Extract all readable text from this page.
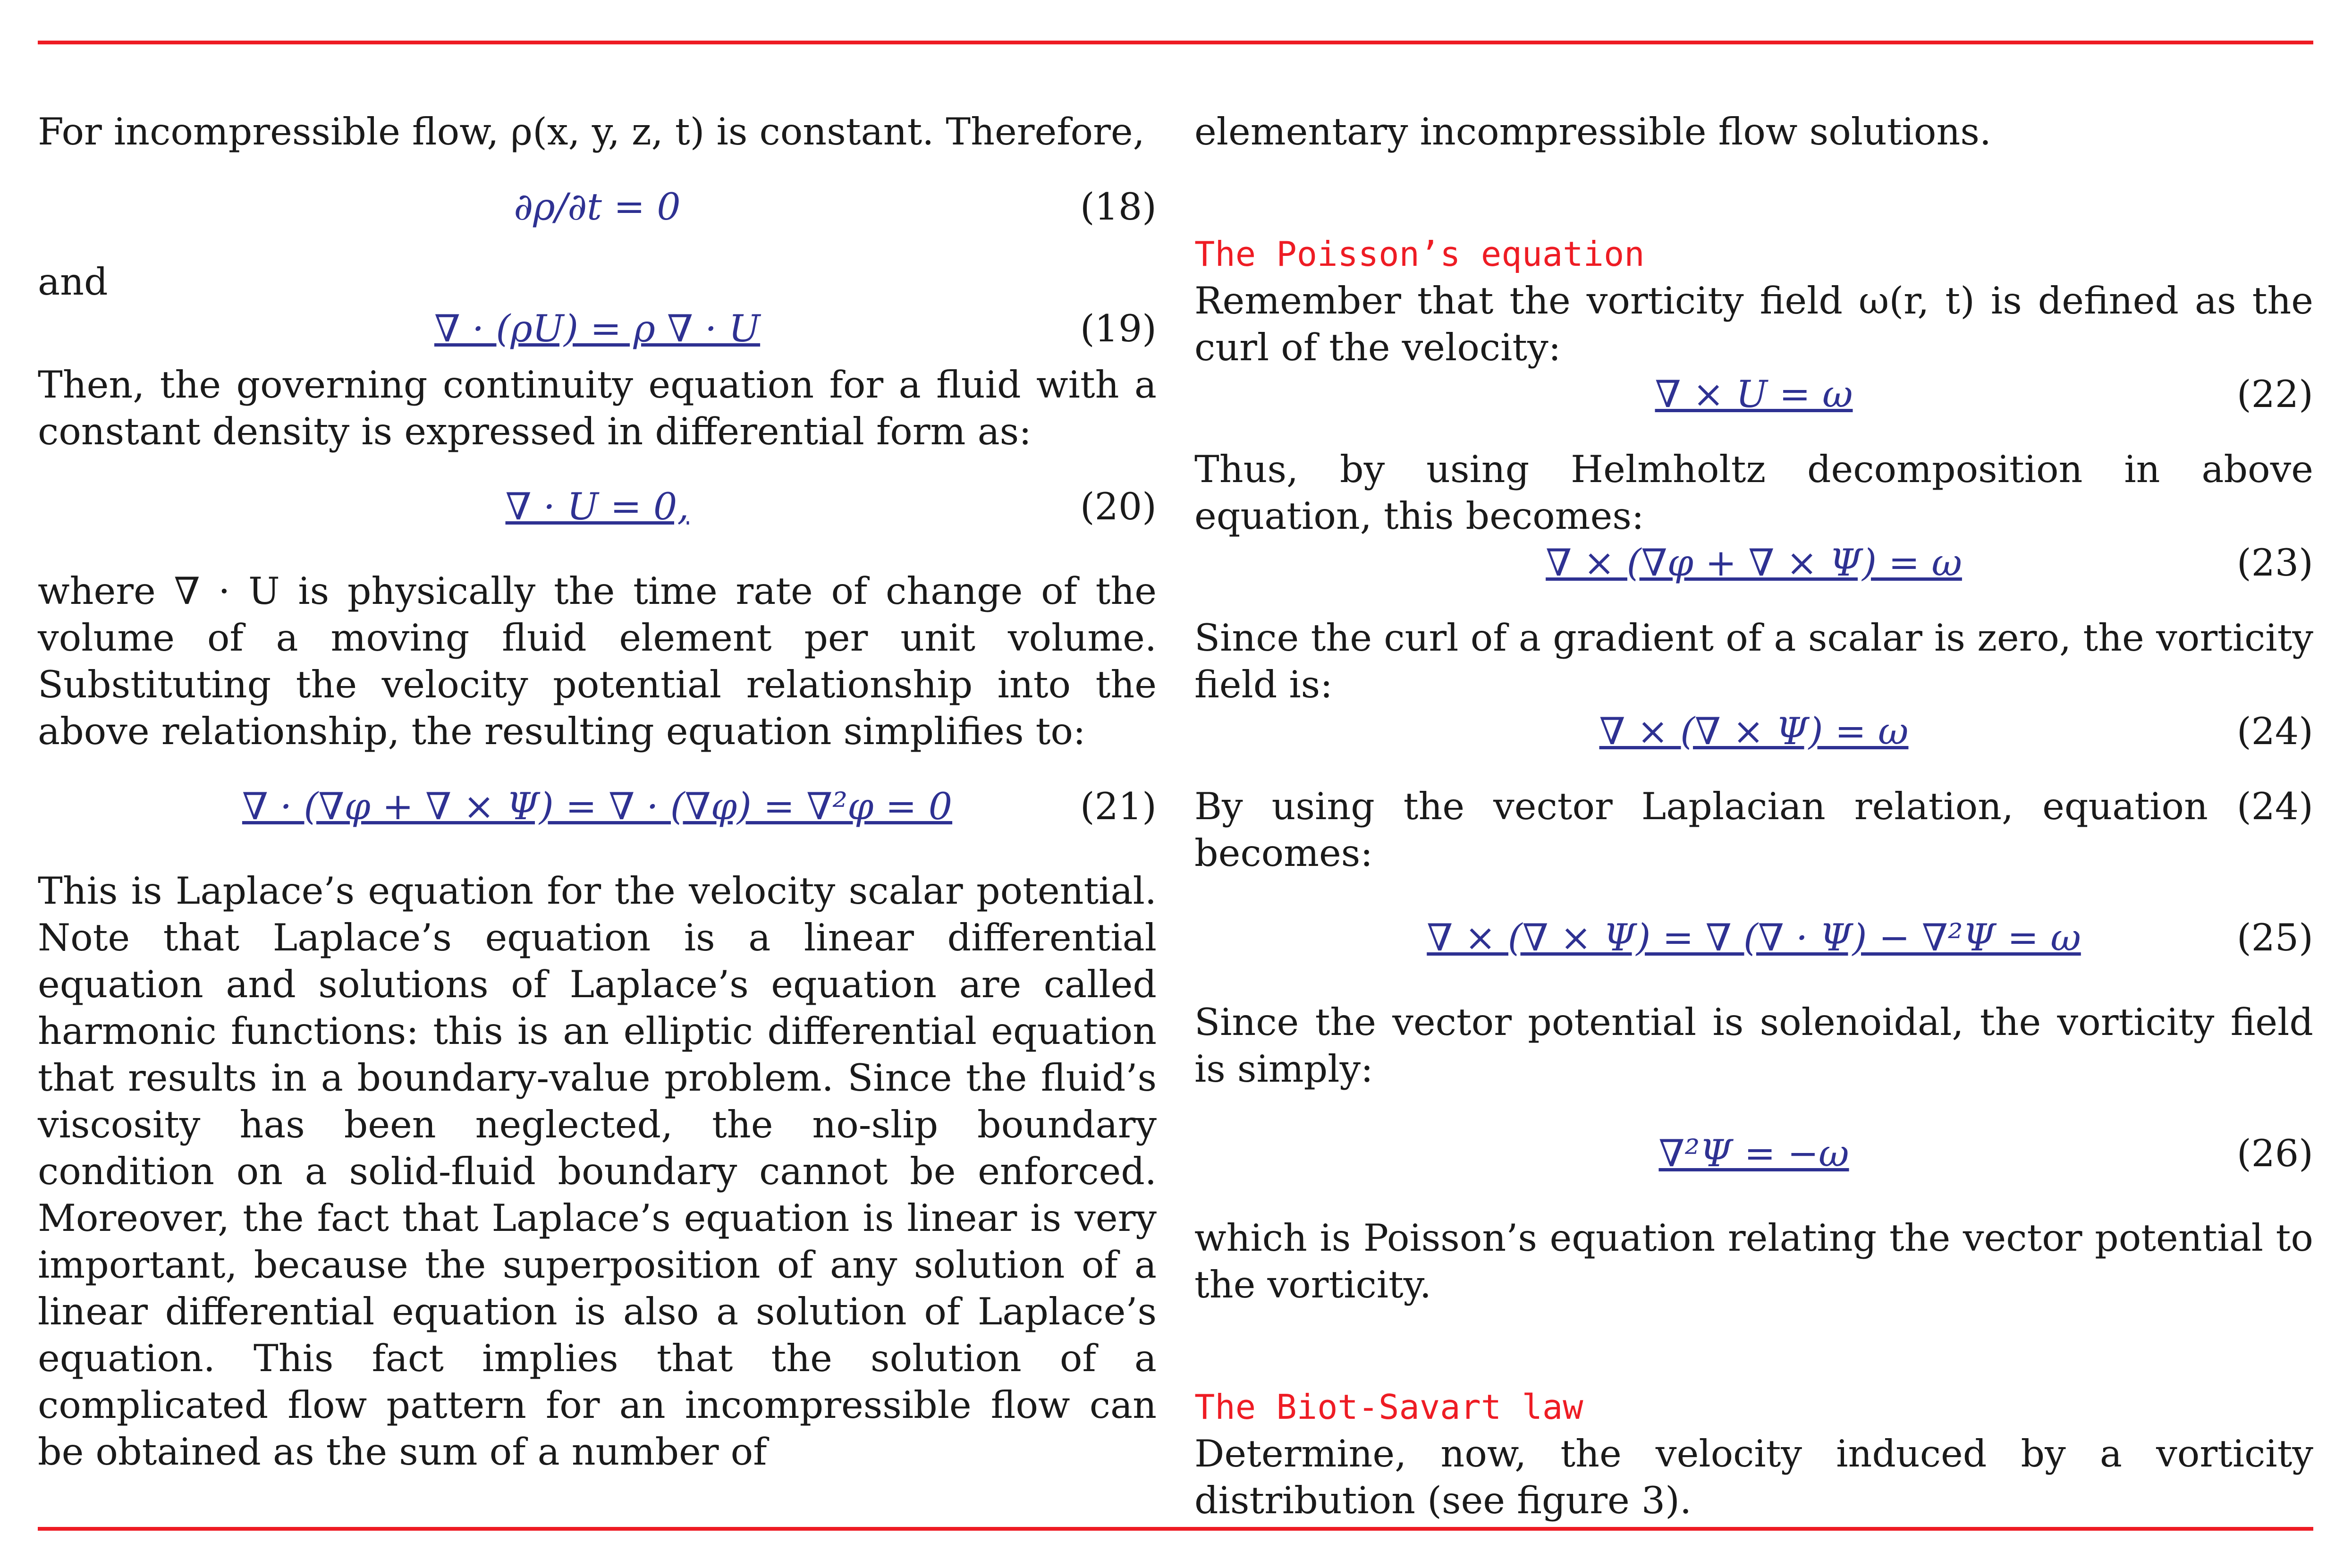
For incompressible flow, ρ(x, y, z, t) is constant. Therefore,

∂ρ/∂t = 0	(18)

and

∇ · (ρU) = ρ ∇ · U	(19)

Then, the governing continuity equation for a fluid with a constant density is expressed in differential form as:

∇ · U = 0,	(20)

where ∇ · U is physically the time rate of change of the volume of a moving fluid element per unit volume. Substituting the velocity potential relationship into the above relationship, the resulting equation simplifies to:

∇ · (∇φ + ∇ × Ψ) = ∇ · (∇φ) = ∇²φ = 0	(21)

This is Laplace’s equation for the velocity scalar potential. Note that Laplace’s equation is a linear differential equation and solutions of Laplace’s equation are called harmonic functions: this is an elliptic differential equation that results in a boundary-value problem. Since the fluid’s viscosity has been neglected, the no-slip boundary condition on a solid-fluid boundary cannot be enforced. Moreover, the fact that Laplace’s equation is linear is very important, because the superposition of any solution of a linear differential equation is also a solution of Laplace’s equation. This fact implies that the solution of a complicated flow pattern for an incompressible flow can be obtained as the sum of a number of

elementary incompressible flow solutions.

The Poisson’s equation

Remember that the vorticity field ω(r, t) is defined as the curl of the velocity:

∇ × U = ω	(22)

Thus, by using Helmholtz decomposition in above equation, this becomes:

∇ × (∇φ + ∇ × Ψ) = ω	(23)

Since the curl of a gradient of a scalar is zero, the vorticity field is:

∇ × (∇ × Ψ) = ω	(24)

By using the vector Laplacian relation, equation (24) becomes:

∇ × (∇ × Ψ) = ∇ (∇ · Ψ) − ∇²Ψ = ω	(25)

Since the vector potential is solenoidal, the vorticity field is simply:

∇²Ψ = −ω	(26)

which is Poisson’s equation relating the vector potential to the vorticity.

The Biot-Savart law

Determine, now, the velocity induced by a vorticity distribution (see figure 3).
